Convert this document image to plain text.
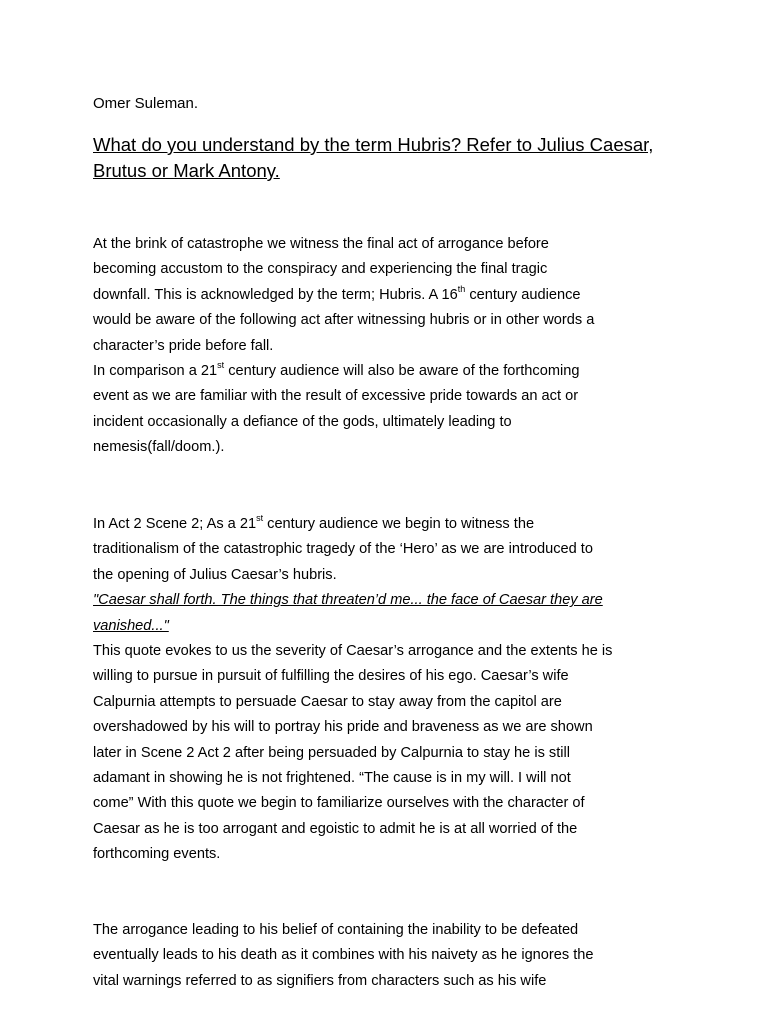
Omer Suleman.
What do you understand by the term Hubris? Refer to Julius Caesar,
Brutus or Mark Antony.
At the brink of catastrophe we witness the final act of arrogance before
becoming accustom to the conspiracy and experiencing the final tragic
downfall. This is acknowledged by the term; Hubris. A 16th century audience
would be aware of the following act after witnessing hubris or in other words a
character’s pride before fall.
In comparison a 21st century audience will also be aware of the forthcoming
event as we are familiar with the result of excessive pride towards an act or
incident occasionally a defiance of the gods, ultimately leading to
nemesis(fall/doom.).
In Act 2 Scene 2; As a 21st century audience we begin to witness the
traditionalism of the catastrophic tragedy of the ‘Hero’ as we are introduced to
the opening of Julius Caesar’s hubris.
"Caesar shall forth. The things that threaten’d me... the face of Caesar they are
vanished..."
This quote evokes to us the severity of Caesar’s arrogance and the extents he is
willing to pursue in pursuit of fulfilling the desires of his ego. Caesar’s wife
Calpurnia attempts to persuade Caesar to stay away from the capitol are
overshadowed by his will to portray his pride and braveness as we are shown
later in Scene 2 Act 2 after being persuaded by Calpurnia to stay he is still
adamant in showing he is not frightened. “The cause is in my will. I will not
come” With this quote we begin to familiarize ourselves with the character of
Caesar as he is too arrogant and egoistic to admit he is at all worried of the
forthcoming events.
The arrogance leading to his belief of containing the inability to be defeated
eventually leads to his death as it combines with his naivety as he ignores the
vital warnings referred to as signifiers from characters such as his wife
